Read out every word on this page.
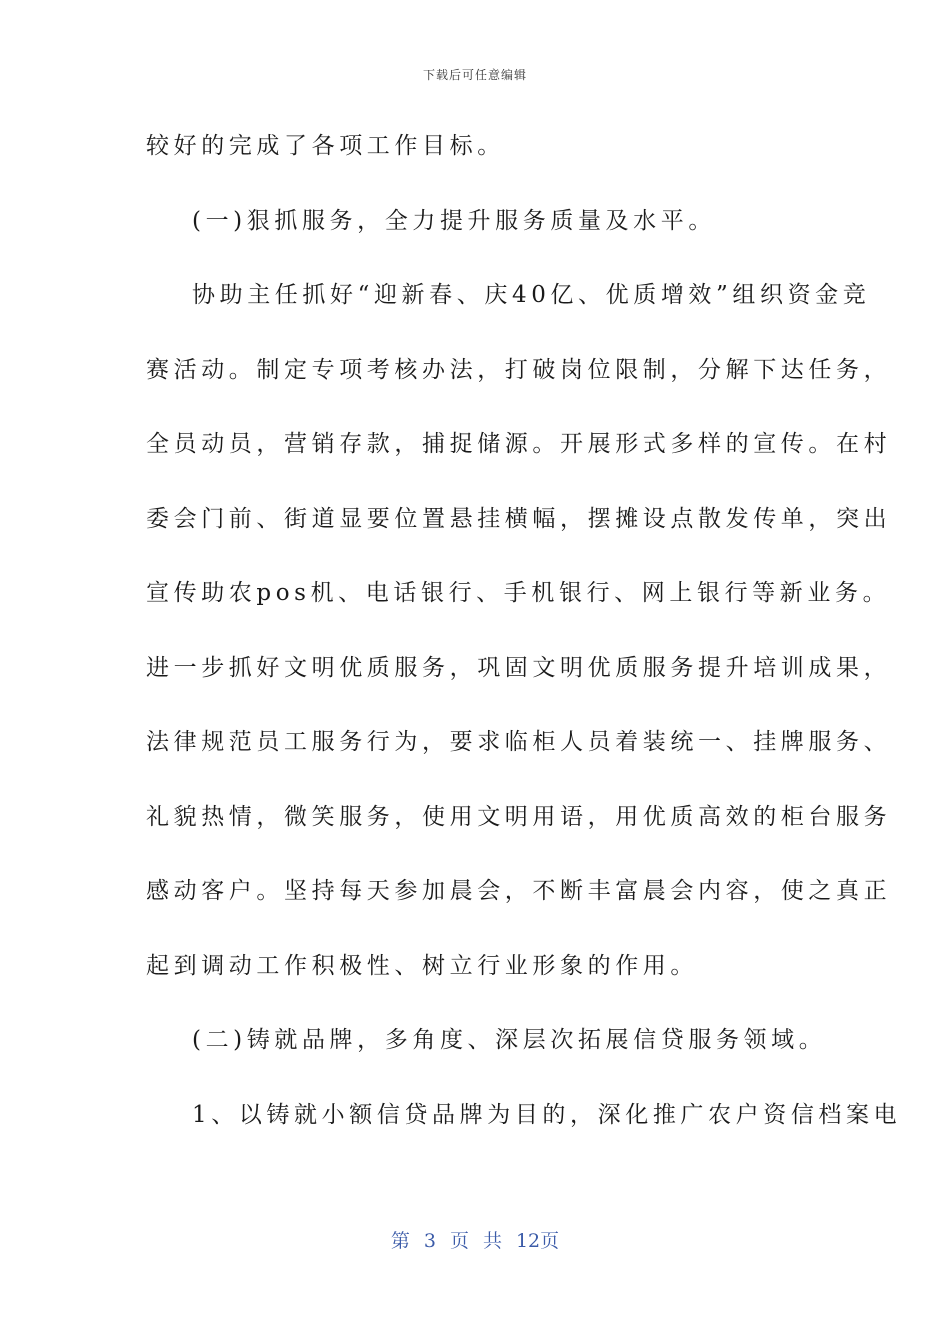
下载后可任意编辑
较好的完成了各项工作目标。
(一)狠抓服务，全力提升服务质量及水平。
协助主任抓好“迎新春、庆40亿、优质增效”组织资金竞
赛活动。制定专项考核办法，打破岗位限制，分解下达任务，
全员动员，营销存款，捕捉储源。开展形式多样的宣传。在村
委会门前、街道显要位置悬挂横幅，摆摊设点散发传单，突出
宣传助农pos机、电话银行、手机银行、网上银行等新业务。
进一步抓好文明优质服务，巩固文明优质服务提升培训成果，
法律规范员工服务行为，要求临柜人员着装统一、挂牌服务、
礼貌热情，微笑服务，使用文明用语，用优质高效的柜台服务
感动客户。坚持每天参加晨会，不断丰富晨会内容，使之真正
起到调动工作积极性、树立行业形象的作用。
(二)铸就品牌，多角度、深层次拓展信贷服务领域。
1、以铸就小额信贷品牌为目的，深化推广农户资信档案电
第 3 页 共 12页
